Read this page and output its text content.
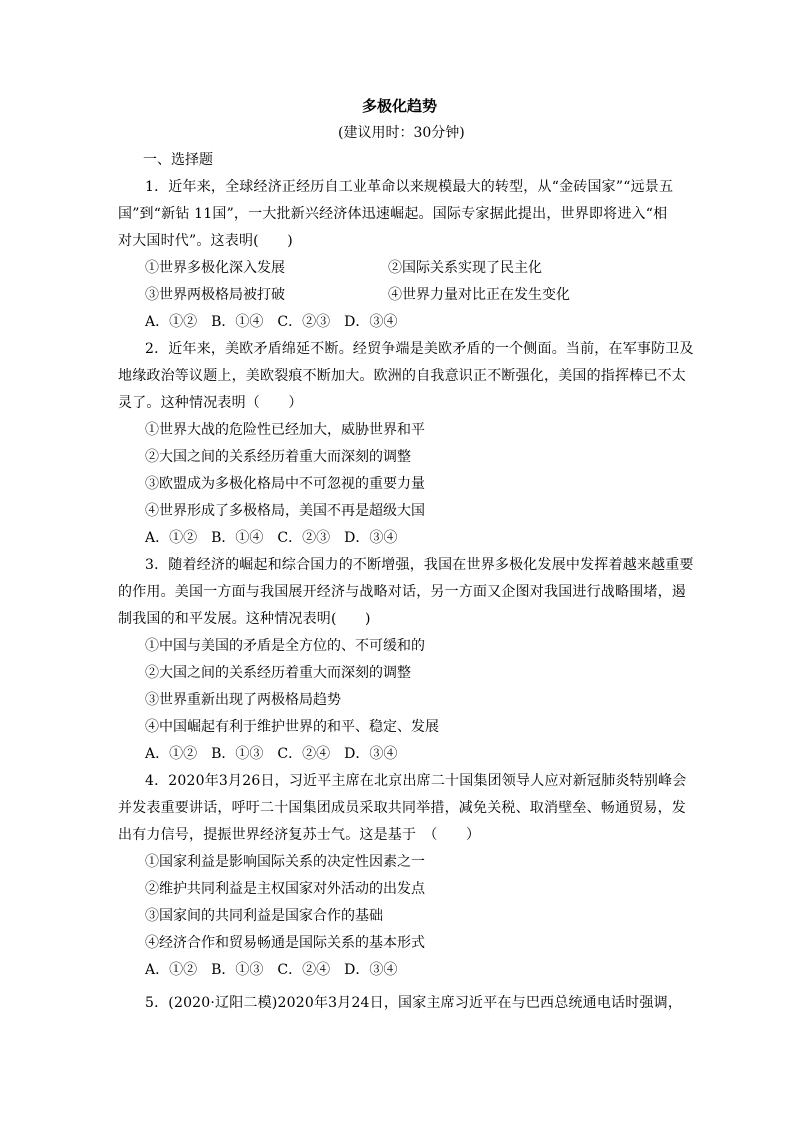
多极化趋势
(建议用时：30分钟)
一、选择题
1．近年来，全球经济正经历自工业革命以来规模最大的转型，从“金砖国家”“远景五
国”到“新钻 11国”，一大批新兴经济体迅速崛起。国际专家据此提出，世界即将进入“相
对大国时代”。这表明(　　)
①世界多极化深入发展	②国际关系实现了民主化
③世界两极格局被打破	④世界力量对比正在发生变化
A．①②　B．①④　C．②③　D．③④
2．近年来，美欧矛盾绵延不断。经贸争端是美欧矛盾的一个侧面。当前，在军事防卫及
地缘政治等议题上，美欧裂痕不断加大。欧洲的自我意识正不断强化，美国的指挥棒已不太
灵了。这种情况表明（　　）
①世界大战的危险性已经加大，威胁世界和平
②大国之间的关系经历着重大而深刻的调整
③欧盟成为多极化格局中不可忽视的重要力量
④世界形成了多极格局，美国不再是超级大国
A．①②　B．①④　C．②③　D．③④
3．随着经济的崛起和综合国力的不断增强，我国在世界多极化发展中发挥着越来越重要
的作用。美国一方面与我国展开经济与战略对话，另一方面又企图对我国进行战略围堵，遏
制我国的和平发展。这种情况表明(　　)
①中国与美国的矛盾是全方位的、不可缓和的
②大国之间的关系经历着重大而深刻的调整
③世界重新出现了两极格局趋势
④中国崛起有利于维护世界的和平、稳定、发展
A．①②　B．①③　C．②④　D．③④
4．2020年3月26日，习近平主席在北京出席二十国集团领导人应对新冠肺炎特别峰会
并发表重要讲话，呼吁二十国集团成员采取共同举措，减免关税、取消壁垒、畅通贸易，发
出有力信号，提振世界经济复苏士气。这是基于　（　　）
①国家利益是影响国际关系的决定性因素之一
②维护共同利益是主权国家对外活动的出发点
③国家间的共同利益是国家合作的基础
④经济合作和贸易畅通是国际关系的基本形式
A．①②　B．①③　C．②④　D．③④
5．(2020·辽阳二模)2020年3月24日，国家主席习近平在与巴西总统通电话时强调，
